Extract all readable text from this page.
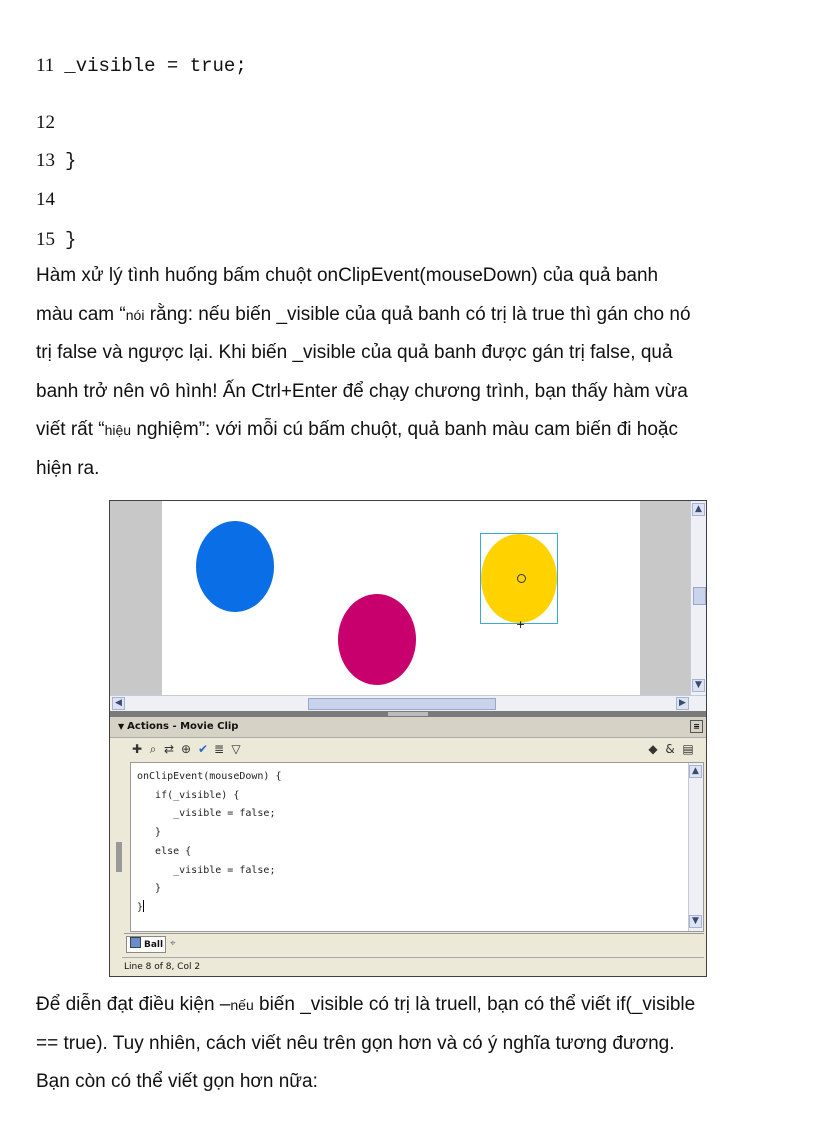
11 _visible = true;
12
13 }
14
15 }
Hàm xử lý tình huống bấm chuột onClipEvent(mouseDown) của quả banh
màu cam “nói rằng: nếu biến _visible của quả banh có trị là true thì gán cho nó
trị false và ngược lại. Khi biến _visible của quả banh được gán trị false, quả
banh trở nên vô hình! Ấn Ctrl+Enter để chạy chương trình, bạn thấy hàm vừa
viết rất “hiệu nghiệm”: với mỗi cú bấm chuột, quả banh màu cam biến đi hoặc
hiện ra.
+
▲
▼
◀	▶
▼ Actions - Movie Clip	≡
✚ ⌕ ⇄ ⊕ ✔ ≣ ▽	◆ & ▤
onClipEvent(mouseDown) {
if(_visible) {
_visible = false;
}
else {
_visible = false;
}
}
▲
▼
Ball ⌖
Line 8 of 8, Col 2
Để diễn đạt điều kiện –nếu biến _visible có trị là truell, bạn có thể viết if(_visible
== true). Tuy nhiên, cách viết nêu trên gọn hơn và có ý nghĩa tương đương.
Bạn còn có thể viết gọn hơn nữa:
